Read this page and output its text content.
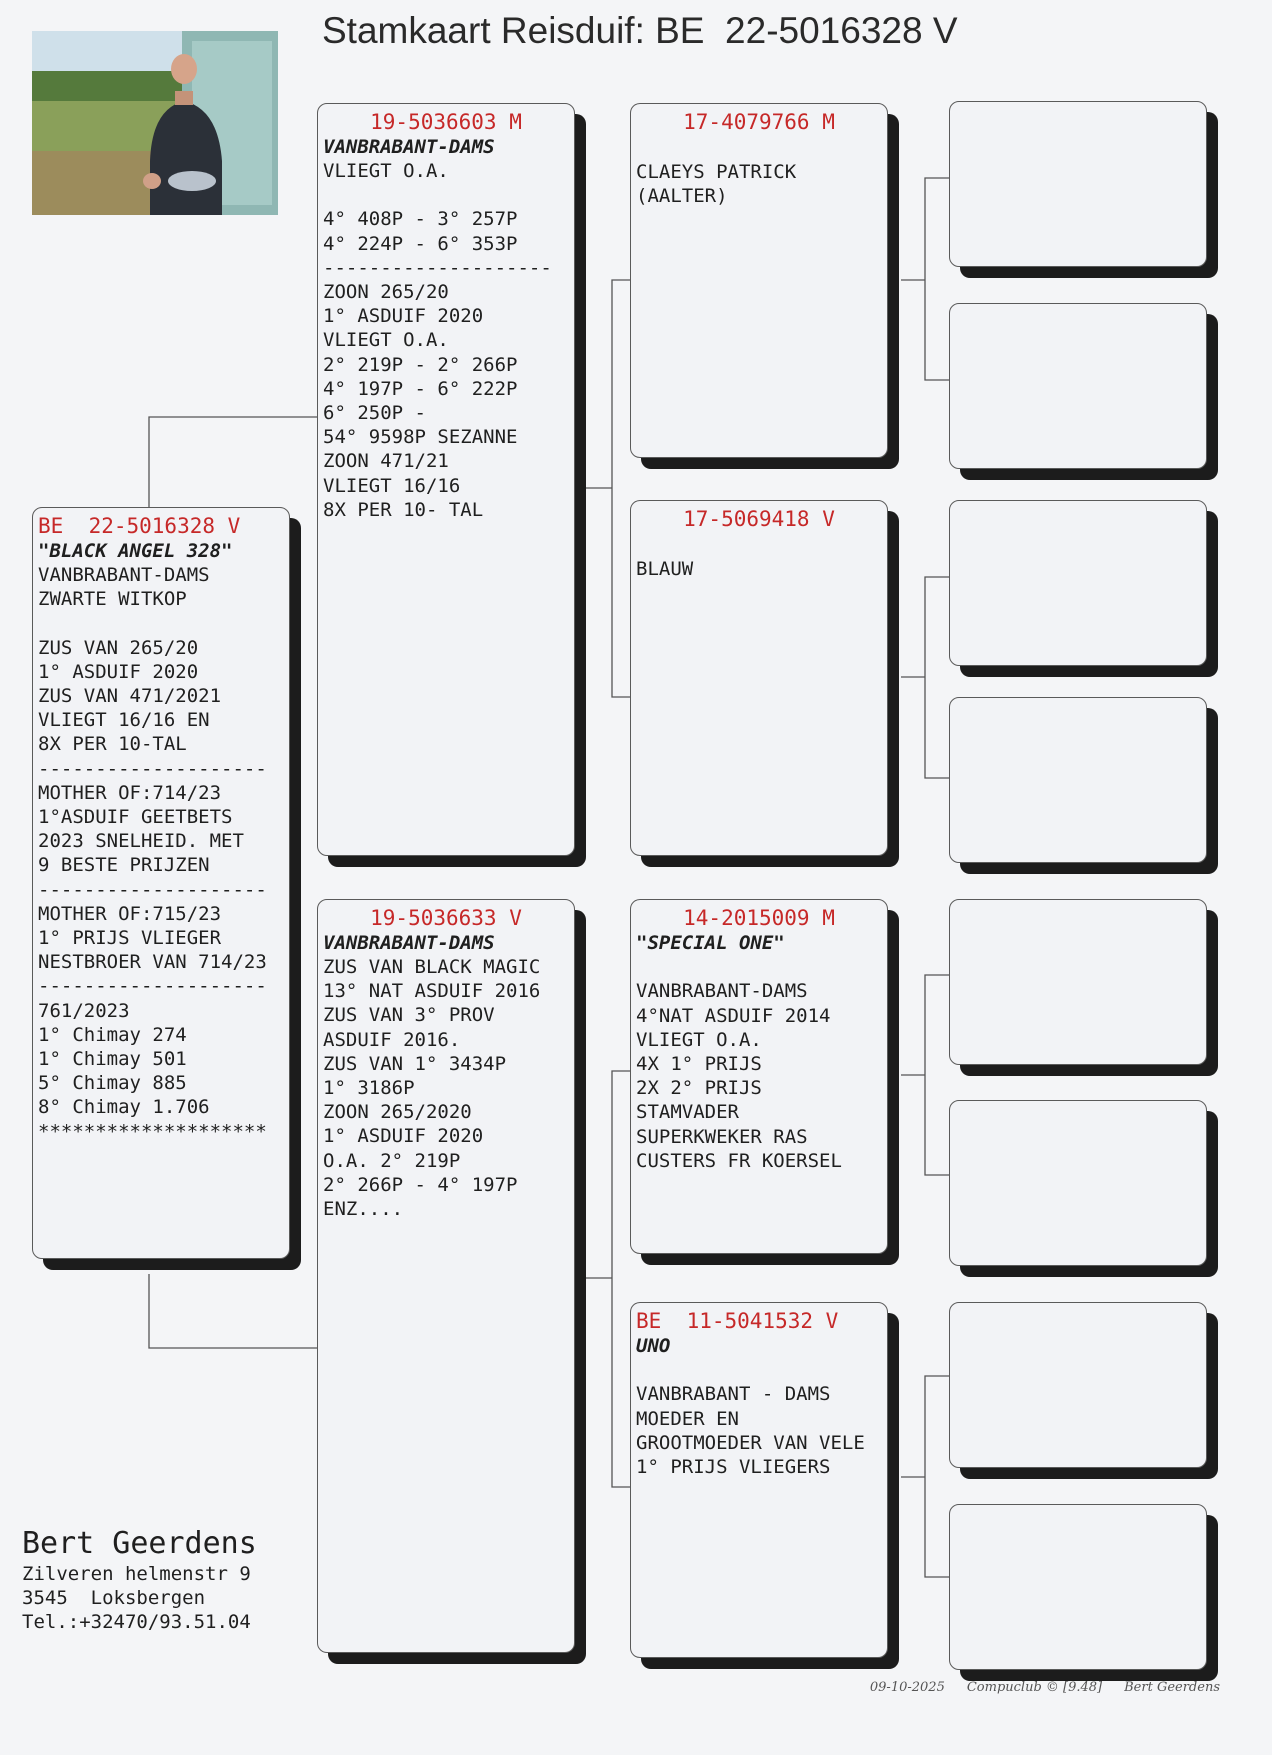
Stamkaart Reisduif: BE  22-5016328 V
BE  22-5016328 V
"BLACK ANGEL 328"
VANBRABANT-DAMS
ZWARTE WITKOP

ZUS VAN 265/20
1° ASDUIF 2020
ZUS VAN 471/2021
VLIEGT 16/16 EN
8X PER 10-TAL
--------------------
MOTHER OF:714/23
1°ASDUIF GEETBETS
2023 SNELHEID. MET
9 BESTE PRIJZEN
--------------------
MOTHER OF:715/23
1° PRIJS VLIEGER
NESTBROER VAN 714/23
--------------------
761/2023
1° Chimay 274
1° Chimay 501
5° Chimay 885
8° Chimay 1.706
********************
19-5036603 M
VANBRABANT-DAMS
VLIEGT O.A.

4° 408P - 3° 257P
4° 224P - 6° 353P
--------------------
ZOON 265/20
1° ASDUIF 2020
VLIEGT O.A.
2° 219P - 2° 266P
4° 197P - 6° 222P
6° 250P -
54° 9598P SEZANNE
ZOON 471/21
VLIEGT 16/16
8X PER 10- TAL
19-5036633 V
VANBRABANT-DAMS
ZUS VAN BLACK MAGIC
13° NAT ASDUIF 2016
ZUS VAN 3° PROV
ASDUIF 2016.
ZUS VAN 1° 3434P
1° 3186P
ZOON 265/2020
1° ASDUIF 2020
O.A. 2° 219P
2° 266P - 4° 197P
ENZ....
17-4079766 M

CLAEYS PATRICK
(AALTER)
17-5069418 V

BLAUW
14-2015009 M
"SPECIAL ONE"

VANBRABANT-DAMS
4°NAT ASDUIF 2014
VLIEGT O.A.
4X 1° PRIJS
2X 2° PRIJS
STAMVADER
SUPERKWEKER RAS
CUSTERS FR KOERSEL
BE  11-5041532 V
UNO

VANBRABANT - DAMS
MOEDER EN
GROOTMOEDER VAN VELE
1° PRIJS VLIEGERS
Bert Geerdens
Zilveren helmenstr 9
3545  Loksbergen
Tel.:+32470/93.51.04
09-10-2025 Compuclub © [9.48] Bert Geerdens
